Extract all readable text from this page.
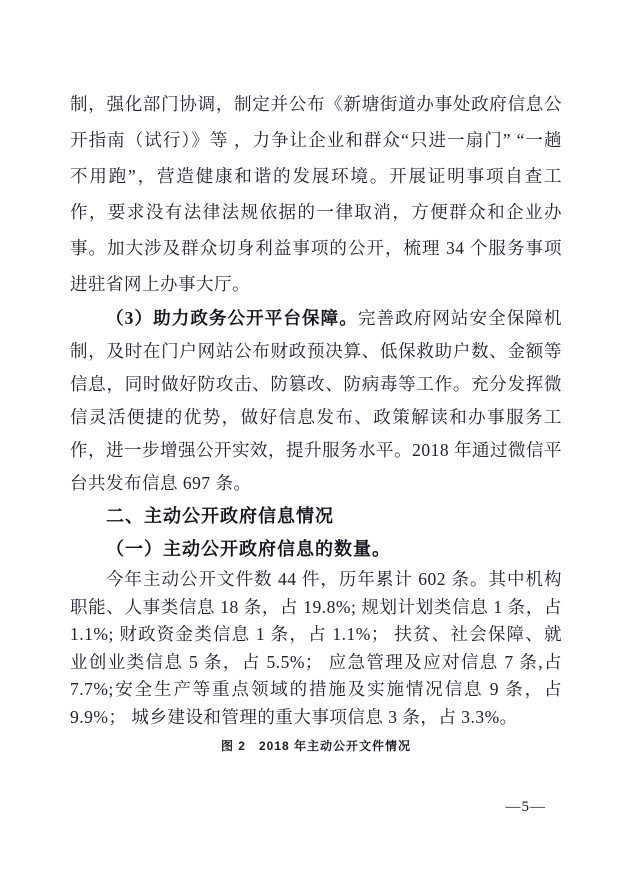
制，强化部门协调，制定并公布《新塘街道办事处政府信息公开指南（试行）》等 ，力争让企业和群众“只进一扇门” “一趟不用跑”，营造健康和谐的发展环境。开展证明事项自查工作，要求没有法律法规依据的一律取消，方便群众和企业办事。加大涉及群众切身利益事项的公开，梳理 34 个服务事项进驻省网上办事大厅。

（3）助力政务公开平台保障。完善政府网站安全保障机制，及时在门户网站公布财政预决算、低保救助户数、金额等信息，同时做好防攻击、防篡改、防病毒等工作。充分发挥微信灵活便捷的优势，做好信息发布、政策解读和办事服务工作，进一步增强公开实效，提升服务水平。2018 年通过微信平台共发布信息 697 条。

二、主动公开政府信息情况
（一）主动公开政府信息的数量。

今年主动公开文件数 44 件，历年累计 602 条。其中机构职能、人事类信息 18 条，占 19.8%; 规划计划类信息 1 条，占 1.1%; 财政资金类信息 1 条，占 1.1%； 扶贫、社会保障、就业创业类信息 5 条，占 5.5%； 应急管理及应对信息 7 条,占 7.7%;安全生产等重点领域的措施及实施情况信息 9 条，占 9.9%； 城乡建设和管理的重大事项信息 3 条，占 3.3%。

图 2　2018 年主动公开文件情况
—5—
